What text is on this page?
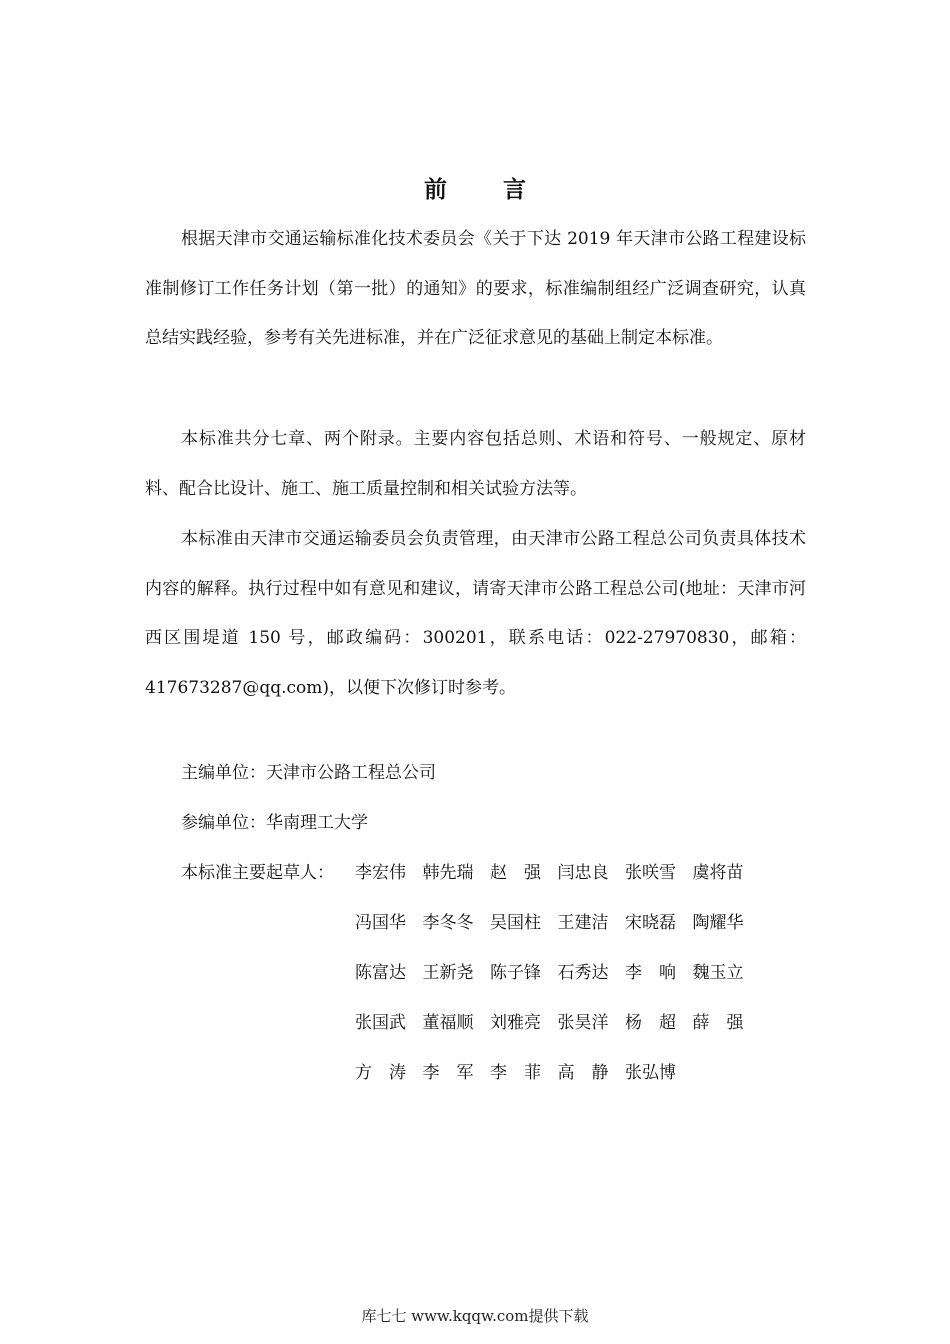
前 言

根据天津市交通运输标准化技术委员会《关于下达 2019 年天津市公路工程建设标准制修订工作任务计划（第一批）的通知》的要求，标准编制组经广泛调查研究，认真总结实践经验，参考有关先进标准，并在广泛征求意见的基础上制定本标准。

本标准共分七章、两个附录。主要内容包括总则、术语和符号、一般规定、原材料、配合比设计、施工、施工质量控制和相关试验方法等。

本标准由天津市交通运输委员会负责管理，由天津市公路工程总公司负责具体技术内容的解释。执行过程中如有意见和建议，请寄天津市公路工程总公司(地址：天津市河西区围堤道 150 号，邮政编码：300201，联系电话：022-27970830，邮箱：417673287@qq.com)，以便下次修订时参考。

主编单位：天津市公路工程总公司
参编单位：华南理工大学
本标准主要起草人： 李宏伟 韩先瑞 赵　强 闫忠良 张咲雪 虞将苗
冯国华 李冬冬 吴国柱 王建洁 宋晓磊 陶耀华
陈富达 王新尧 陈子锋 石秀达 李　响 魏玉立
张国武 董福顺 刘雅亮 张昊洋 杨　超 薛　强
方　涛 李　军 李　菲 高　静 张弘博
库七七 www.kqqw.com提供下载
